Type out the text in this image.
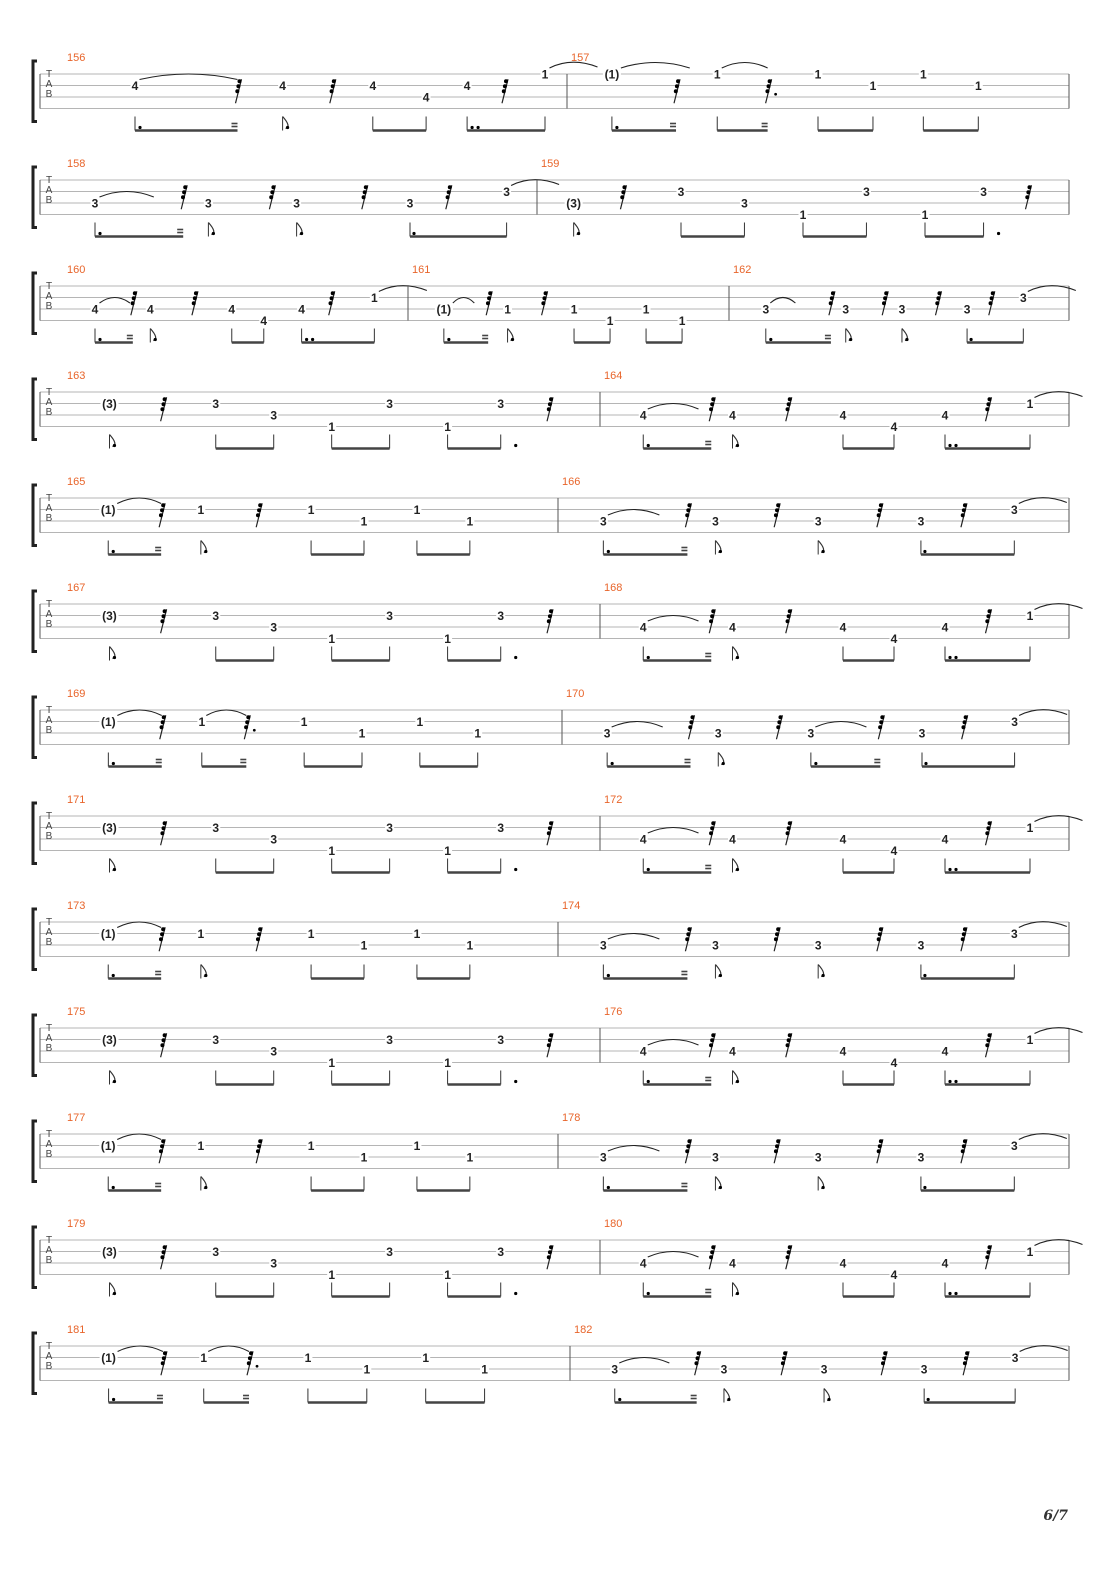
T
A
B
156
4	4	4
4
4
1
157
(1)	1	1
1
1
1
T
A
B
158
3	3	3	3
3
159
(3)
3
3
1
3
1
3
T
A
B
160
4	4	4
4
4
1
161
(1)	1	1
1
1
1
162
3	3	3	3
3
T
A
B
163
(3)	3
3
1
3
1
3
164
4	4	4
4
4
1
T
A
B
165
(1)	1	1
1
1
1
166
3	3	3	3
3
T
A
B
167
(3)	3
3
1
3
1
3
168
4	4	4
4
4
1
T
A
B
169
(1)	1	1
1
1
1
170
3	3	3	3
3
T
A
B
171
(3)	3
3
1
3
1
3
172
4	4	4
4
4
1
T
A
B
173
(1)	1	1
1
1
1
174
3	3	3	3
3
T
A
B
175
(3)	3
3
1
3
1
3
176
4	4	4
4
4
1
T
A
B
177
(1)	1	1
1
1
1
178
3	3	3	3
3
T
A
B
179
(3)	3
3
1
3
1
3
180
4	4	4
4
4
1
T
A
B
181
(1)	1	1
1
1
1
182
3	3	3	3
3
6/7
